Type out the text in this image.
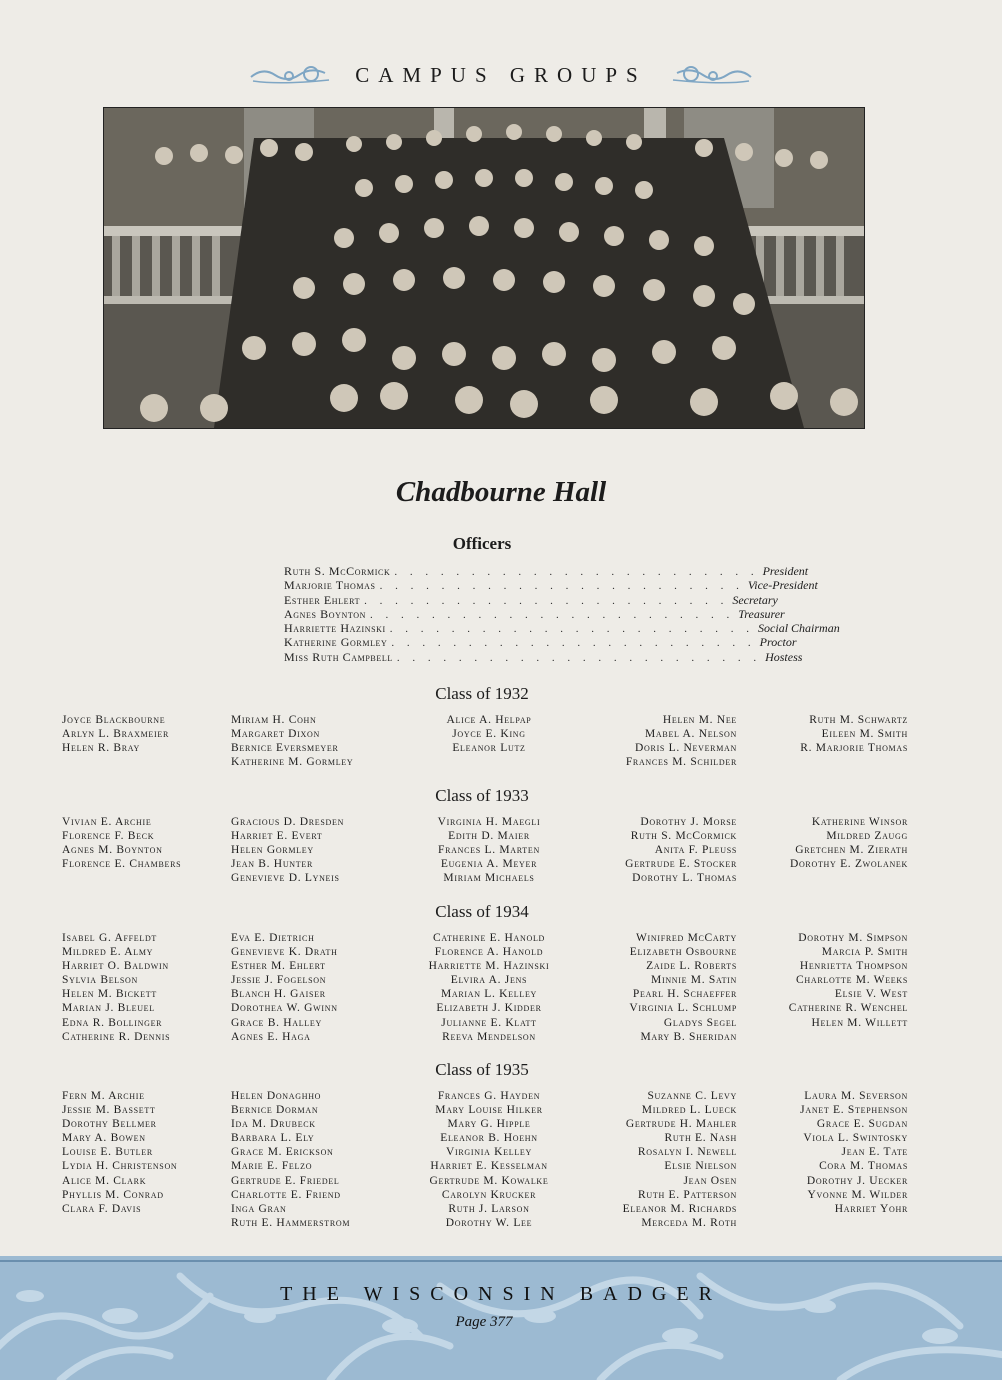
CAMPUS GROUPS
Chadbourne Hall
Officers
Ruth S. McCormick . . . . . . . . . . . . . . . . . . . . . . . . President
Marjorie Thomas . . . . . . . . . . . . . . . . . . . . . . . . Vice-President
Esther Ehlert . . . . . . . . . . . . . . . . . . . . . . . . Secretary
Agnes Boynton . . . . . . . . . . . . . . . . . . . . . . . . Treasurer
Harriette Hazinski . . . . . . . . . . . . . . . . . . . . . . . . Social Chairman
Katherine Gormley . . . . . . . . . . . . . . . . . . . . . . . . Proctor
Miss Ruth Campbell . . . . . . . . . . . . . . . . . . . . . . . . Hostess
Class of 1932
Class of 1933
Class of 1934
Class of 1935
Joyce Blackbourne
Arlyn L. Braxmeier
Helen R. Bray
Miriam H. Cohn
Margaret Dixon
Bernice Eversmeyer
Katherine M. Gormley
Alice A. Helpap
Joyce E. King
Eleanor Lutz
Helen M. Nee
Mabel A. Nelson
Doris L. Neverman
Frances M. Schilder
Ruth M. Schwartz
Eileen M. Smith
R. Marjorie Thomas
Vivian E. Archie
Florence F. Beck
Agnes M. Boynton
Florence E. Chambers
Gracious D. Dresden
Harriet E. Evert
Helen Gormley
Jean B. Hunter
Genevieve D. Lyneis
Virginia H. Maegli
Edith D. Maier
Frances L. Marten
Eugenia A. Meyer
Miriam Michaels
Dorothy J. Morse
Ruth S. McCormick
Anita F. Pleuss
Gertrude E. Stocker
Dorothy L. Thomas
Katherine Winsor
Mildred Zaugg
Gretchen M. Zierath
Dorothy E. Zwolanek
Isabel G. Affeldt
Mildred E. Almy
Harriet O. Baldwin
Sylvia Belson
Helen M. Bickett
Marian J. Bleuel
Edna R. Bollinger
Catherine R. Dennis
Eva E. Dietrich
Genevieve K. Drath
Esther M. Ehlert
Jessie J. Fogelson
Blanch H. Gaiser
Dorothea W. Gwinn
Grace B. Halley
Agnes E. Haga
Catherine E. Hanold
Florence A. Hanold
Harriette M. Hazinski
Elvira A. Jens
Marian L. Kelley
Elizabeth J. Kidder
Julianne E. Klatt
Reeva Mendelson
Winifred McCarty
Elizabeth Osbourne
Zaide L. Roberts
Minnie M. Satin
Pearl H. Schaeffer
Virginia L. Schlump
Gladys Segel
Mary B. Sheridan
Dorothy M. Simpson
Marcia P. Smith
Henrietta Thompson
Charlotte M. Weeks
Elsie V. West
Catherine R. Wenchel
Helen M. Willett
Fern M. Archie
Jessie M. Bassett
Dorothy Bellmer
Mary A. Bowen
Louise E. Butler
Lydia H. Christenson
Alice M. Clark
Phyllis M. Conrad
Clara F. Davis
Helen Donaghho
Bernice Dorman
Ida M. Drubeck
Barbara L. Ely
Grace M. Erickson
Marie E. Felzo
Gertrude E. Friedel
Charlotte E. Friend
Inga Gran
Ruth E. Hammerstrom
Frances G. Hayden
Mary Louise Hilker
Mary G. Hipple
Eleanor B. Hoehn
Virginia Kelley
Harriet E. Kesselman
Gertrude M. Kowalke
Carolyn Krucker
Ruth J. Larson
Dorothy W. Lee
Suzanne C. Levy
Mildred L. Lueck
Gertrude H. Mahler
Ruth E. Nash
Rosalyn I. Newell
Elsie Nielson
Jean Osen
Ruth E. Patterson
Eleanor M. Richards
Merceda M. Roth
Laura M. Severson
Janet E. Stephenson
Grace E. Sugdan
Viola L. Swintosky
Jean E. Tate
Cora M. Thomas
Dorothy J. Uecker
Yvonne M. Wilder
Harriet Yohr
THE WISCONSIN BADGER
Page 377
